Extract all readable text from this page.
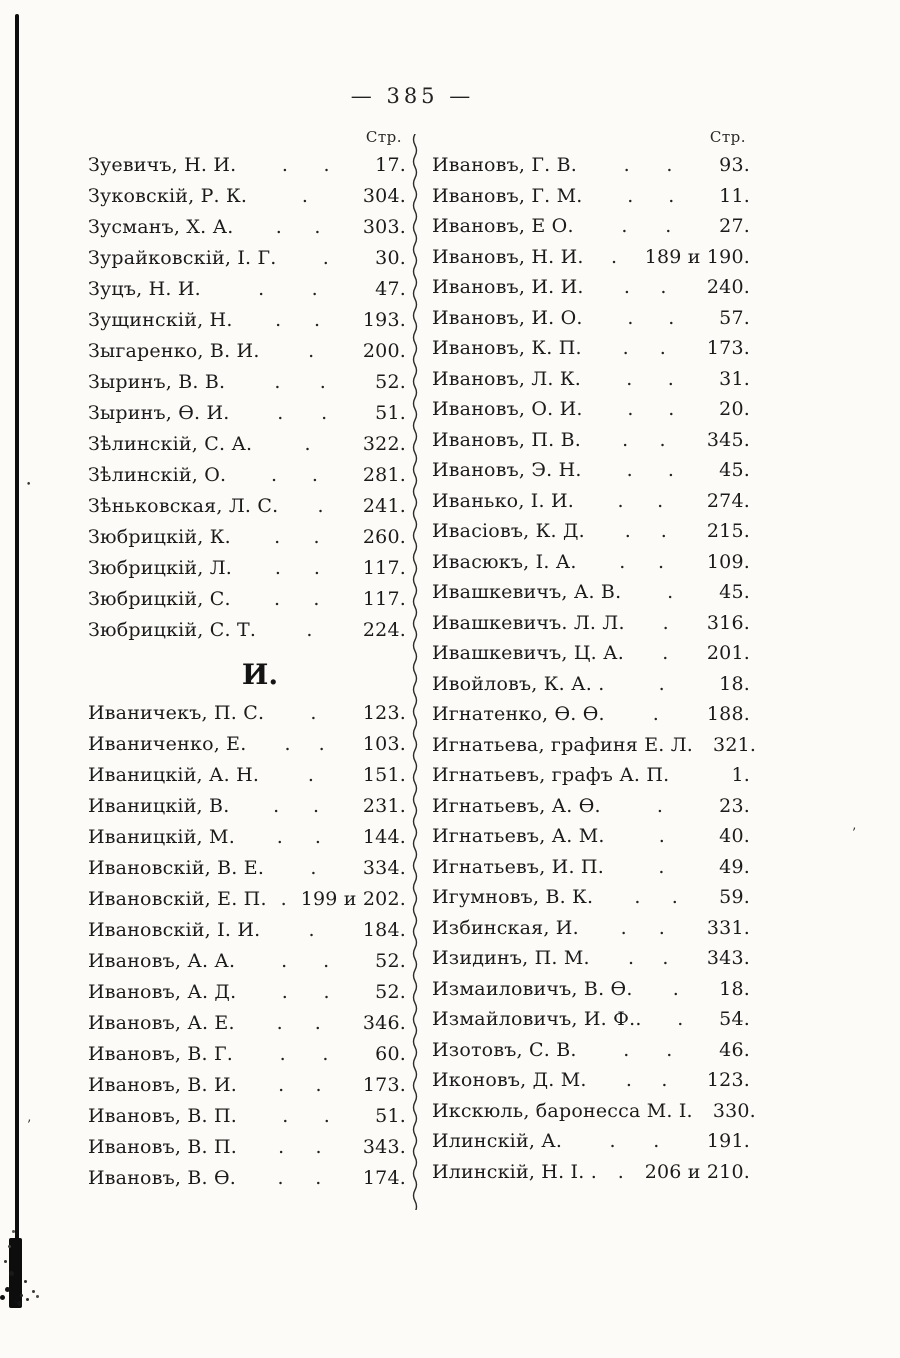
— 385 —
Стр.
Зуевичъ, Н. И. . . 17.
Зуковскій, Р. К.	.	304.
Зусманъ, Х. А. . . 303.
Зурайковскій, I. Г. . 30.
Зуцъ, Н. И.	. .	47.
Зущинскій, Н. . . 193.
Зыгаренко, В. И.	.	200.
Зыринъ, В. В.	. .	52.
Зыринъ, Ѳ. И.	. .	51.
Зѣлинскій, С. А.	.	322.
Зѣлинскій, О. . . 281.
Зѣньковская, Л. С. . 241.
Зюбрицкій, К. . . 260.
Зюбрицкій, Л. . . 117.
Зюбрицкій, С. . . 117.
Зюбрицкій, С. Т.	.	224.
И.
Иваничекъ, П. С. . 123.
Иваниченко, Е. . . 103.
Иваницкій, А. Н.	.	151.
Иваницкій, В. . . 231.
Иваницкій, М. . . 144.
Ивановскій, В. Е. . 334.
Ивановскій, Е. П. . 199 и 202.
Ивановскій, I. И.	.	184.
Ивановъ, А. А. . . 52.
Ивановъ, А. Д. . . 52.
Ивановъ, А. Е. . . 346.
Ивановъ, В. Г. . . 60.
Ивановъ, В. И. . . 173.
Ивановъ, В. П. . . 51.
Ивановъ, В. П. . . 343.
Ивановъ, В. Ѳ. . . 174.
Стр.
Ивановъ, Г. В. . . 93.
Ивановъ, Г. М. . . 11.
Ивановъ, Е О.	. .	27.
Ивановъ, Н. И. . 189 и 190.
Ивановъ, И. И. . . 240.
Ивановъ, И. О. . . 57.
Ивановъ, К. П. . . 173.
Ивановъ, Л. К. . . 31.
Ивановъ, О. И. . . 20.
Ивановъ, П. В. . . 345.
Ивановъ, Э. Н. . . 45.
Иванько, I. И. . . 274.
Ивасіовъ, К. Д. . . 215.
Ивасюкъ, I. А. . . 109.
Ивашкевичъ, А. В. . 45.
Ивашкевичъ. Л. Л. . 316.
Ивашкевичъ, Ц. А. . 201.
Ивойловъ, К. А. .	.	18.
Игнатенко, Ѳ. Ѳ.	.	188.
Игнатьева, графиня Е. Л. 321.
Игнатьевъ, графъ А. П.	1.
Игнатьевъ, А. Ѳ.	.	23.
Игнатьевъ, А. М.	.	40.
Игнатьевъ, И. П.	.	49.
Игумновъ, В. К. . . 59.
Избинская, И. . . 331.
Изидинъ, П. М. . . 343.
Измаиловичъ, В. Ѳ. . 18.
Измайловичъ, И. Ф.. . 54.
Изотовъ, С. В. . . 46.
Иконовъ, Д. М. . . 123.
Икскюль, баронесса М. I. 330.
Илинскій, А. . . 191.
Илинскій, Н. I. . . 206 и 210.
’
’
•
